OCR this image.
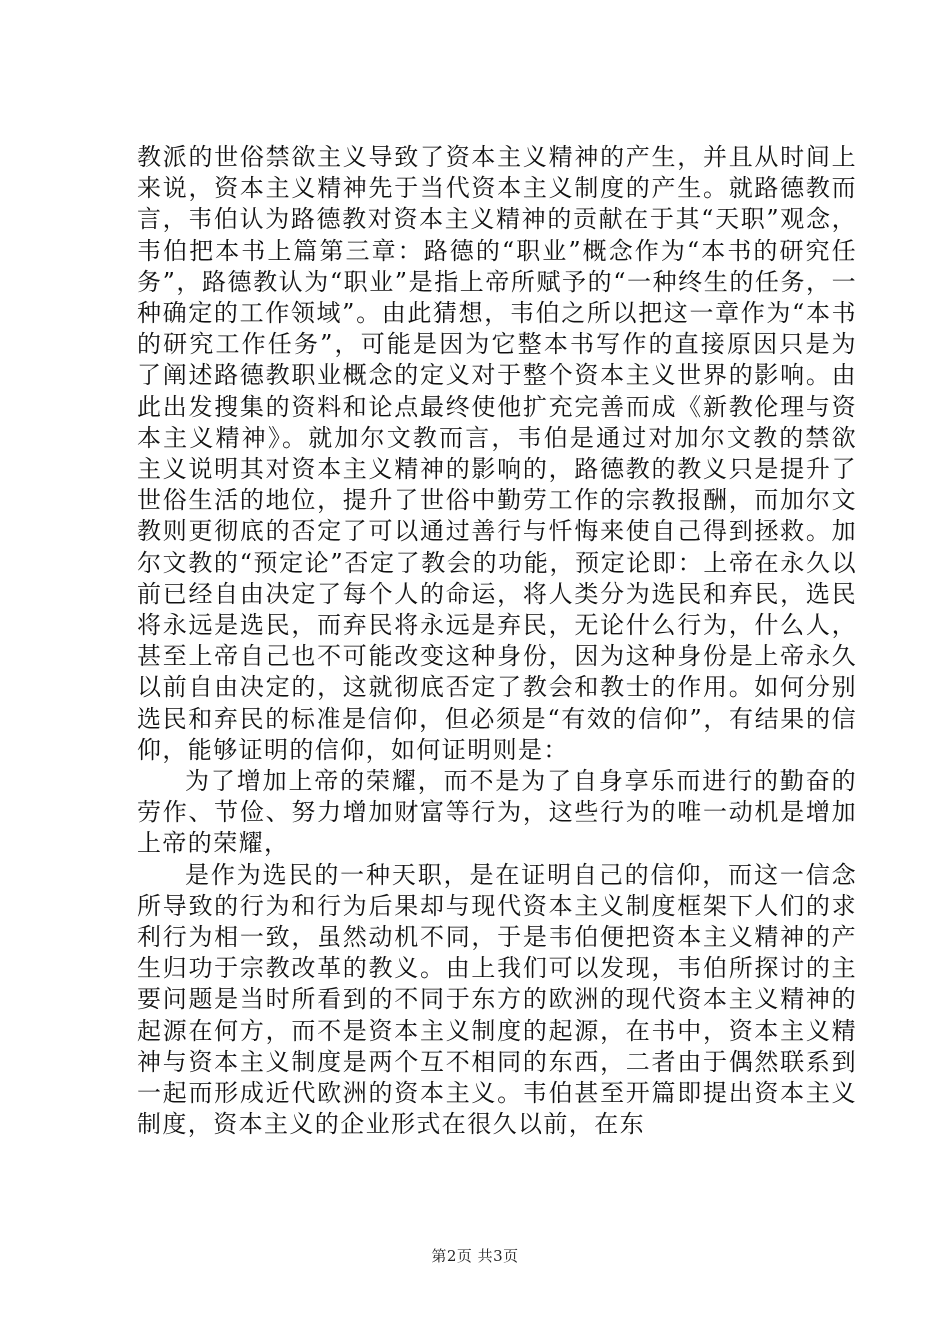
教派的世俗禁欲主义导致了资本主义精神的产生，并且从时间上来说，资本主义精神先于当代资本主义制度的产生。就路德教而言，韦伯认为路德教对资本主义精神的贡献在于其“天职”观念，韦伯把本书上篇第三章：路德的“职业”概念作为“本书的研究任务”，路德教认为“职业”是指上帝所赋予的“一种终生的任务，一种确定的工作领域”。由此猜想，韦伯之所以把这一章作为“本书的研究工作任务”，可能是因为它整本书写作的直接原因只是为了阐述路德教职业概念的定义对于整个资本主义世界的影响。由此出发搜集的资料和论点最终使他扩充完善而成《新教伦理与资本主义精神》。就加尔文教而言，韦伯是通过对加尔文教的禁欲主义说明其对资本主义精神的影响的，路德教的教义只是提升了世俗生活的地位，提升了世俗中勤劳工作的宗教报酬，而加尔文教则更彻底的否定了可以通过善行与忏悔来使自己得到拯救。加尔文教的“预定论”否定了教会的功能，预定论即：上帝在永久以前已经自由决定了每个人的命运，将人类分为选民和弃民，选民将永远是选民，而弃民将永远是弃民，无论什么行为，什么人，甚至上帝自己也不可能改变这种身份，因为这种身份是上帝永久以前自由决定的，这就彻底否定了教会和教士的作用。如何分别选民和弃民的标准是信仰，但必须是“有效的信仰”，有结果的信仰，能够证明的信仰，如何证明则是：

为了增加上帝的荣耀，而不是为了自身享乐而进行的勤奋的劳作、节俭、努力增加财富等行为，这些行为的唯一动机是增加上帝的荣耀，

是作为选民的一种天职，是在证明自己的信仰，而这一信念所导致的行为和行为后果却与现代资本主义制度框架下人们的求利行为相一致，虽然动机不同，于是韦伯便把资本主义精神的产生归功于宗教改革的教义。由上我们可以发现，韦伯所探讨的主要问题是当时所看到的不同于东方的欧洲的现代资本主义精神的起源在何方，而不是资本主义制度的起源，在书中，资本主义精神与资本主义制度是两个互不相同的东西，二者由于偶然联系到一起而形成近代欧洲的资本主义。韦伯甚至开篇即提出资本主义制度，资本主义的企业形式在很久以前，在东

第2页 共3页
